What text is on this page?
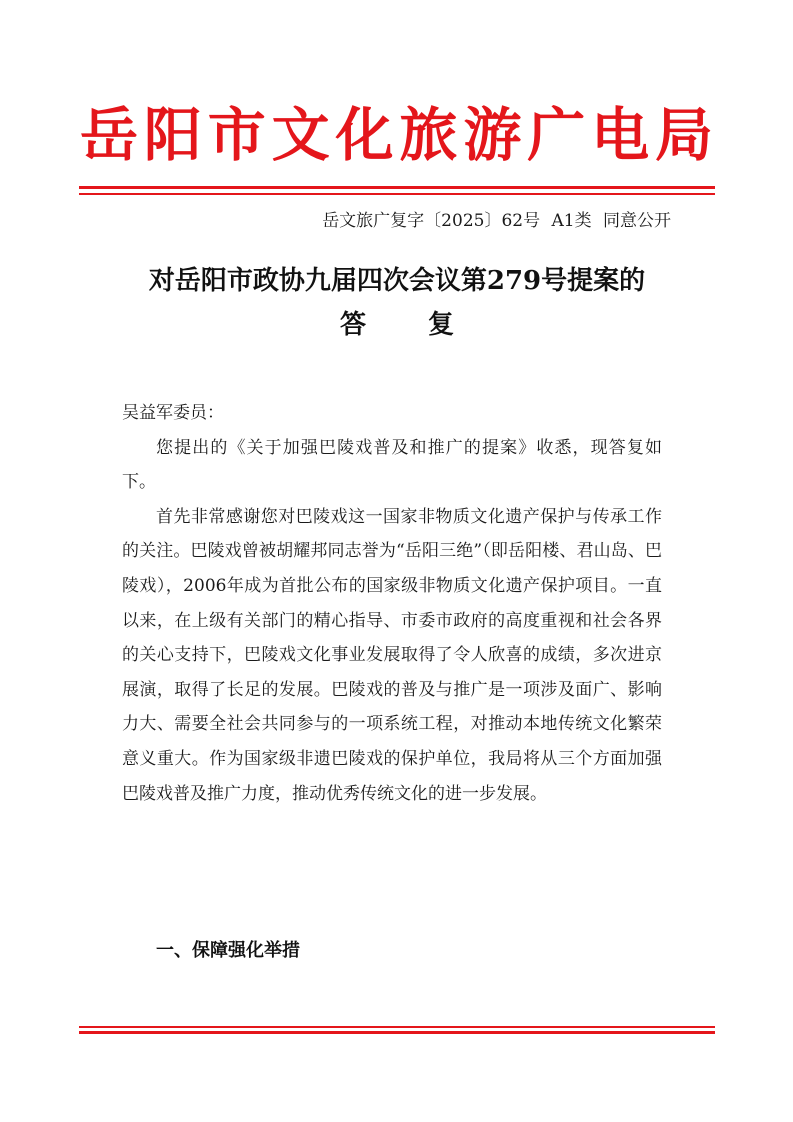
岳阳市文化旅游广电局
岳文旅广复字〔2025〕62号 A1类 同意公开
对岳阳市政协九届四次会议第279号提案的
答 复

吴益军委员：

您提出的《关于加强巴陵戏普及和推广的提案》收悉，现答复如下。

首先非常感谢您对巴陵戏这一国家非物质文化遗产保护与传承工作的关注。巴陵戏曾被胡耀邦同志誉为“岳阳三绝”（即岳阳楼、君山岛、巴陵戏），2006年成为首批公布的国家级非物质文化遗产保护项目。一直以来，在上级有关部门的精心指导、市委市政府的高度重视和社会各界的关心支持下，巴陵戏文化事业发展取得了令人欣喜的成绩，多次进京展演，取得了长足的发展。巴陵戏的普及与推广是一项涉及面广、影响力大、需要全社会共同参与的一项系统工程，对推动本地传统文化繁荣意义重大。作为国家级非遗巴陵戏的保护单位，我局将从三个方面加强巴陵戏普及推广力度，推动优秀传统文化的进一步发展。

一、保障强化举措
